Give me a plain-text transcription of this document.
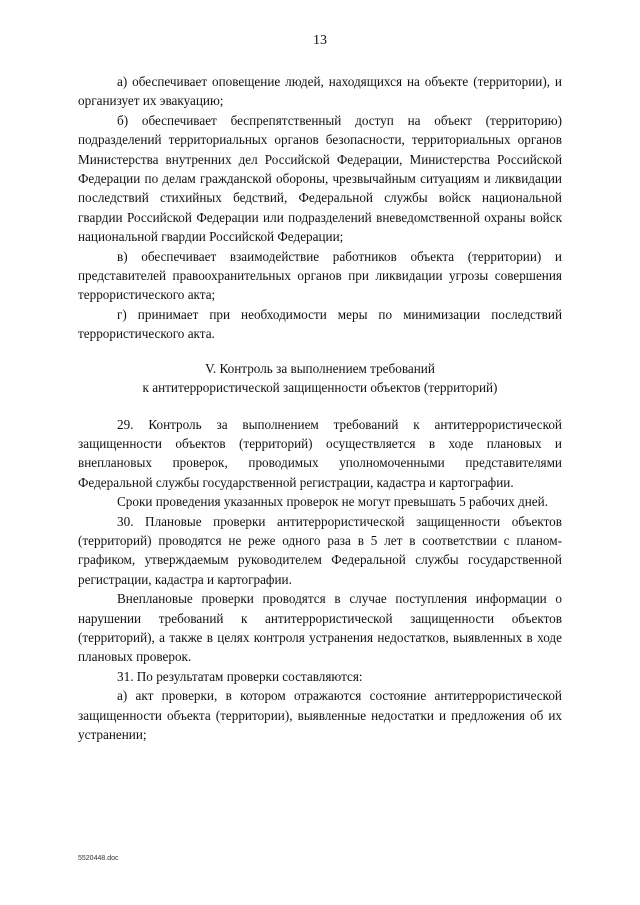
13

а) обеспечивает оповещение людей, находящихся на объекте (территории), и организует их эвакуацию;

б) обеспечивает беспрепятственный доступ на объект (территорию) подразделений территориальных органов безопасности, территориальных органов Министерства внутренних дел Российской Федерации, Министерства Российской Федерации по делам гражданской обороны, чрезвычайным ситуациям и ликвидации последствий стихийных бедствий, Федеральной службы войск национальной гвардии Российской Федерации или подразделений вневедомственной охраны войск национальной гвардии Российской Федерации;

в) обеспечивает взаимодействие работников объекта (территории) и представителей правоохранительных органов при ликвидации угрозы совершения террористического акта;

г) принимает при необходимости меры по минимизации последствий террористического акта.

V. Контроль за выполнением требований
к антитеррористической защищенности объектов (территорий)

29. Контроль за выполнением требований к антитеррористической защищенности объектов (территорий) осуществляется в ходе плановых и внеплановых проверок, проводимых уполномоченными представителями Федеральной службы государственной регистрации, кадастра и картографии.

Сроки проведения указанных проверок не могут превышать 5 рабочих дней.

30. Плановые проверки антитеррористической защищенности объектов (территорий) проводятся не реже одного раза в 5 лет в соответствии с планом-графиком, утверждаемым руководителем Федеральной службы государственной регистрации, кадастра и картографии.

Внеплановые проверки проводятся в случае поступления информации о нарушении требований к антитеррористической защищенности объектов (территорий), а также в целях контроля устранения недостатков, выявленных в ходе плановых проверок.

31. По результатам проверки составляются:

а) акт проверки, в котором отражаются состояние антитеррористической защищенности объекта (территории), выявленные недостатки и предложения об их устранении;

5520448.doc
